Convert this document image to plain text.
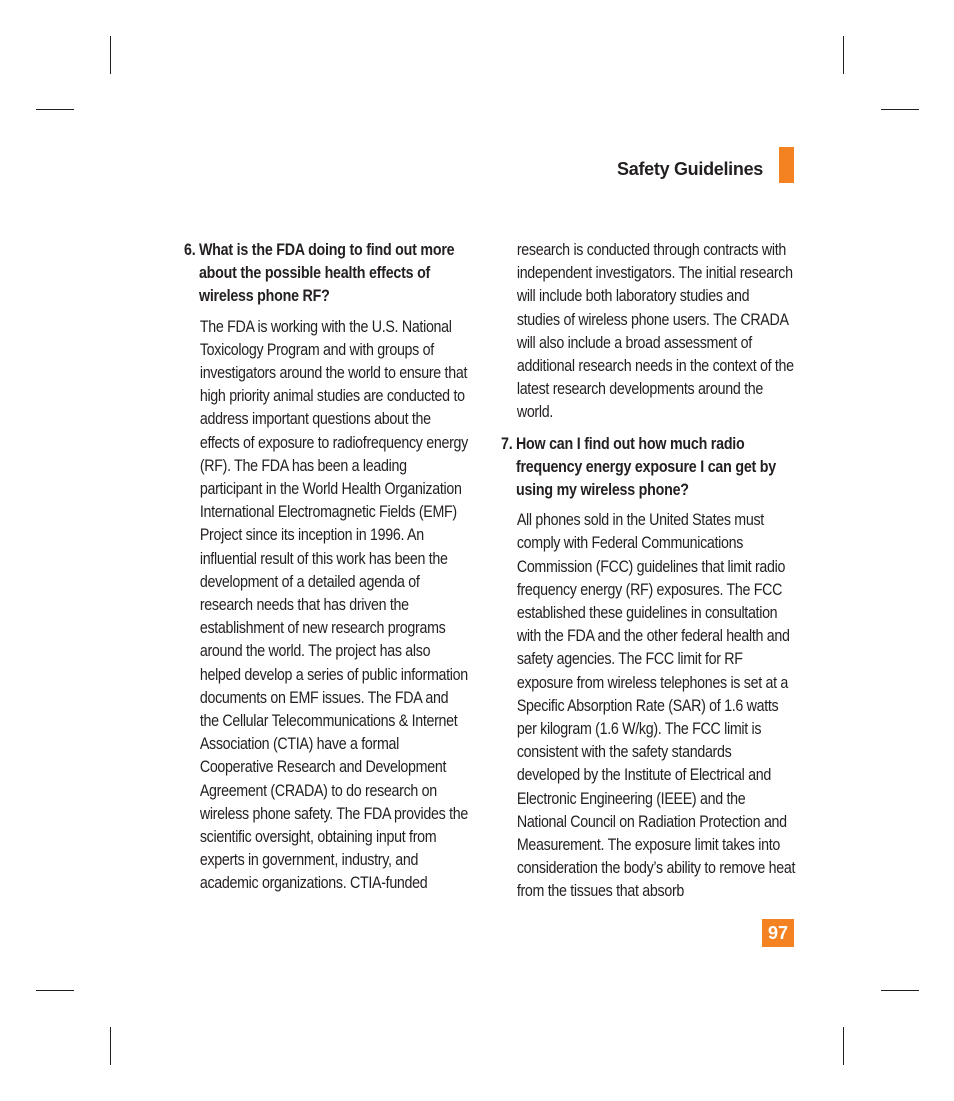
Safety Guidelines
6. What is the FDA doing to find out more about the possible health effects of wireless phone RF?
The FDA is working with the U.S. National Toxicology Program and with groups of investigators around the world to ensure that high priority animal studies are conducted to address important questions about the effects of exposure to radiofrequency energy (RF). The FDA has been a leading participant in the World Health Organization International Electromagnetic Fields (EMF) Project since its inception in 1996. An influential result of this work has been the development of a detailed agenda of research needs that has driven the establishment of new research programs around the world. The project has also helped develop a series of public information documents on EMF issues. The FDA and the Cellular Telecommunications & Internet Association (CTIA) have a formal Cooperative Research and Development Agreement (CRADA) to do research on wireless phone safety. The FDA provides the scientific oversight, obtaining input from experts in government, industry, and academic organizations. CTIA-funded
research is conducted through contracts with independent investigators. The initial research will include both laboratory studies and studies of wireless phone users. The CRADA will also include a broad assessment of additional research needs in the context of the latest research developments around the world.
7. How can I find out how much radio frequency energy exposure I can get by using my wireless phone?
All phones sold in the United States must comply with Federal Communications Commission (FCC) guidelines that limit radio frequency energy (RF) exposures. The FCC established these guidelines in consultation with the FDA and the other federal health and safety agencies. The FCC limit for RF exposure from wireless telephones is set at a Specific Absorption Rate (SAR) of 1.6 watts per kilogram (1.6 W/kg). The FCC limit is consistent with the safety standards developed by the Institute of Electrical and Electronic Engineering (IEEE) and the National Council on Radiation Protection and Measurement. The exposure limit takes into consideration the body’s ability to remove heat from the tissues that absorb
97
